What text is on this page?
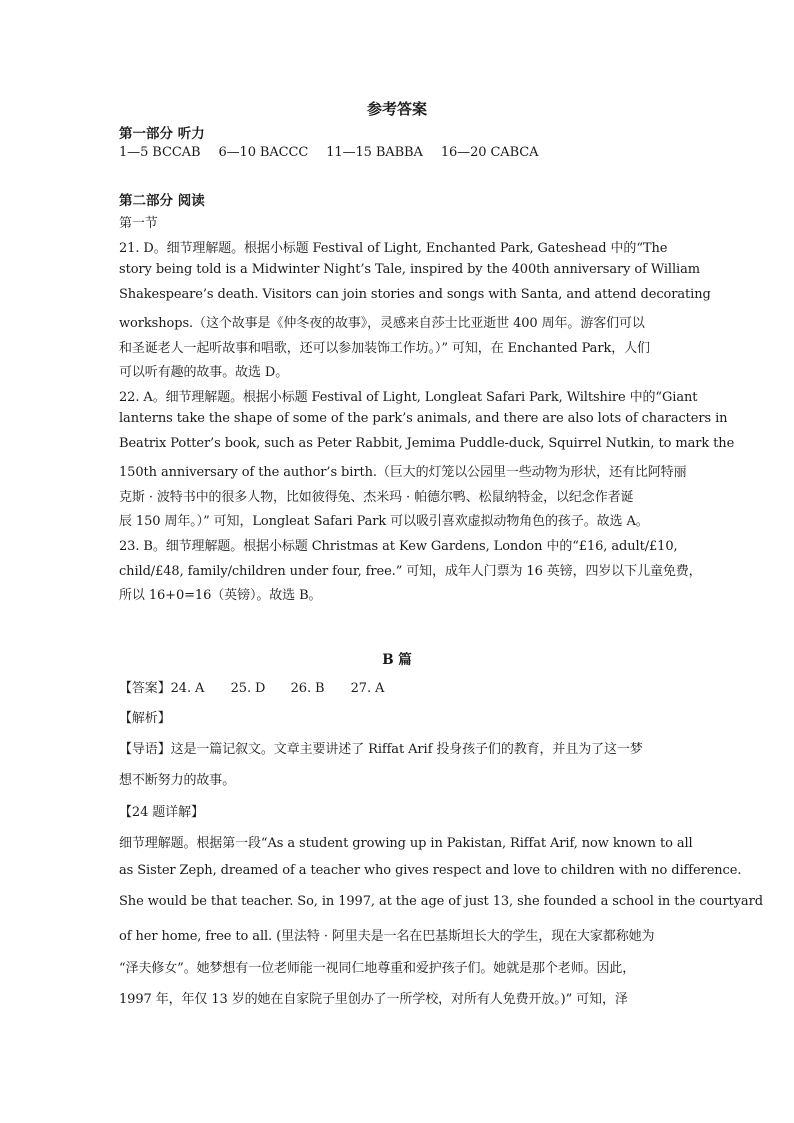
参考答案
第一部分 听力
1—5 BCCAB 6—10 BACCC 11—15 BABBA 16—20 CABCA
第二部分 阅读
第一节
21. D。细节理解题。根据小标题 Festival of Light, Enchanted Park, Gateshead 中的“The
story being told is a Midwinter Night’s Tale, inspired by the 400th anniversary of William
Shakespeare’s death. Visitors can join stories and songs with Santa, and attend decorating
workshops.（这个故事是《仲冬夜的故事》，灵感来自莎士比亚逝世 400 周年。游客们可以
和圣诞老人一起听故事和唱歌，还可以参加装饰工作坊。）” 可知，在 Enchanted Park，人们
可以听有趣的故事。故选 D。
22. A。细节理解题。根据小标题 Festival of Light, Longleat Safari Park, Wiltshire 中的“Giant
lanterns take the shape of some of the park’s animals, and there are also lots of characters in
Beatrix Potter’s book, such as Peter Rabbit, Jemima Puddle-duck, Squirrel Nutkin, to mark the
150th anniversary of the author’s birth.（巨大的灯笼以公园里一些动物为形状，还有比阿特丽
克斯 · 波特书中的很多人物，比如彼得兔、杰米玛 · 帕德尔鸭、松鼠纳特金，以纪念作者诞
辰 150 周年。）” 可知，Longleat Safari Park 可以吸引喜欢虚拟动物角色的孩子。故选 A。
23. B。细节理解题。根据小标题 Christmas at Kew Gardens, London 中的“£16, adult/£10,
child/£48, family/children under four, free.” 可知，成年人门票为 16 英镑，四岁以下儿童免费，
所以 16+0=16（英镑）。故选 B。
B 篇
【答案】24. A 25. D 26. B 27. A
【解析】
【导语】这是一篇记叙文。文章主要讲述了 Riffat Arif 投身孩子们的教育，并且为了这一梦
想不断努力的故事。
【24 题详解】
细节理解题。根据第一段“As a student growing up in Pakistan, Riffat Arif, now known to all
as Sister Zeph, dreamed of a teacher who gives respect and love to children with no difference.
She would be that teacher. So, in 1997, at the age of just 13, she founded a school in the courtyard
of her home, free to all. (里法特 · 阿里夫是一名在巴基斯坦长大的学生，现在大家都称她为
“泽夫修女”。她梦想有一位老师能一视同仁地尊重和爱护孩子们。她就是那个老师。因此，
1997 年，年仅 13 岁的她在自家院子里创办了一所学校，对所有人免费开放。)” 可知，泽
